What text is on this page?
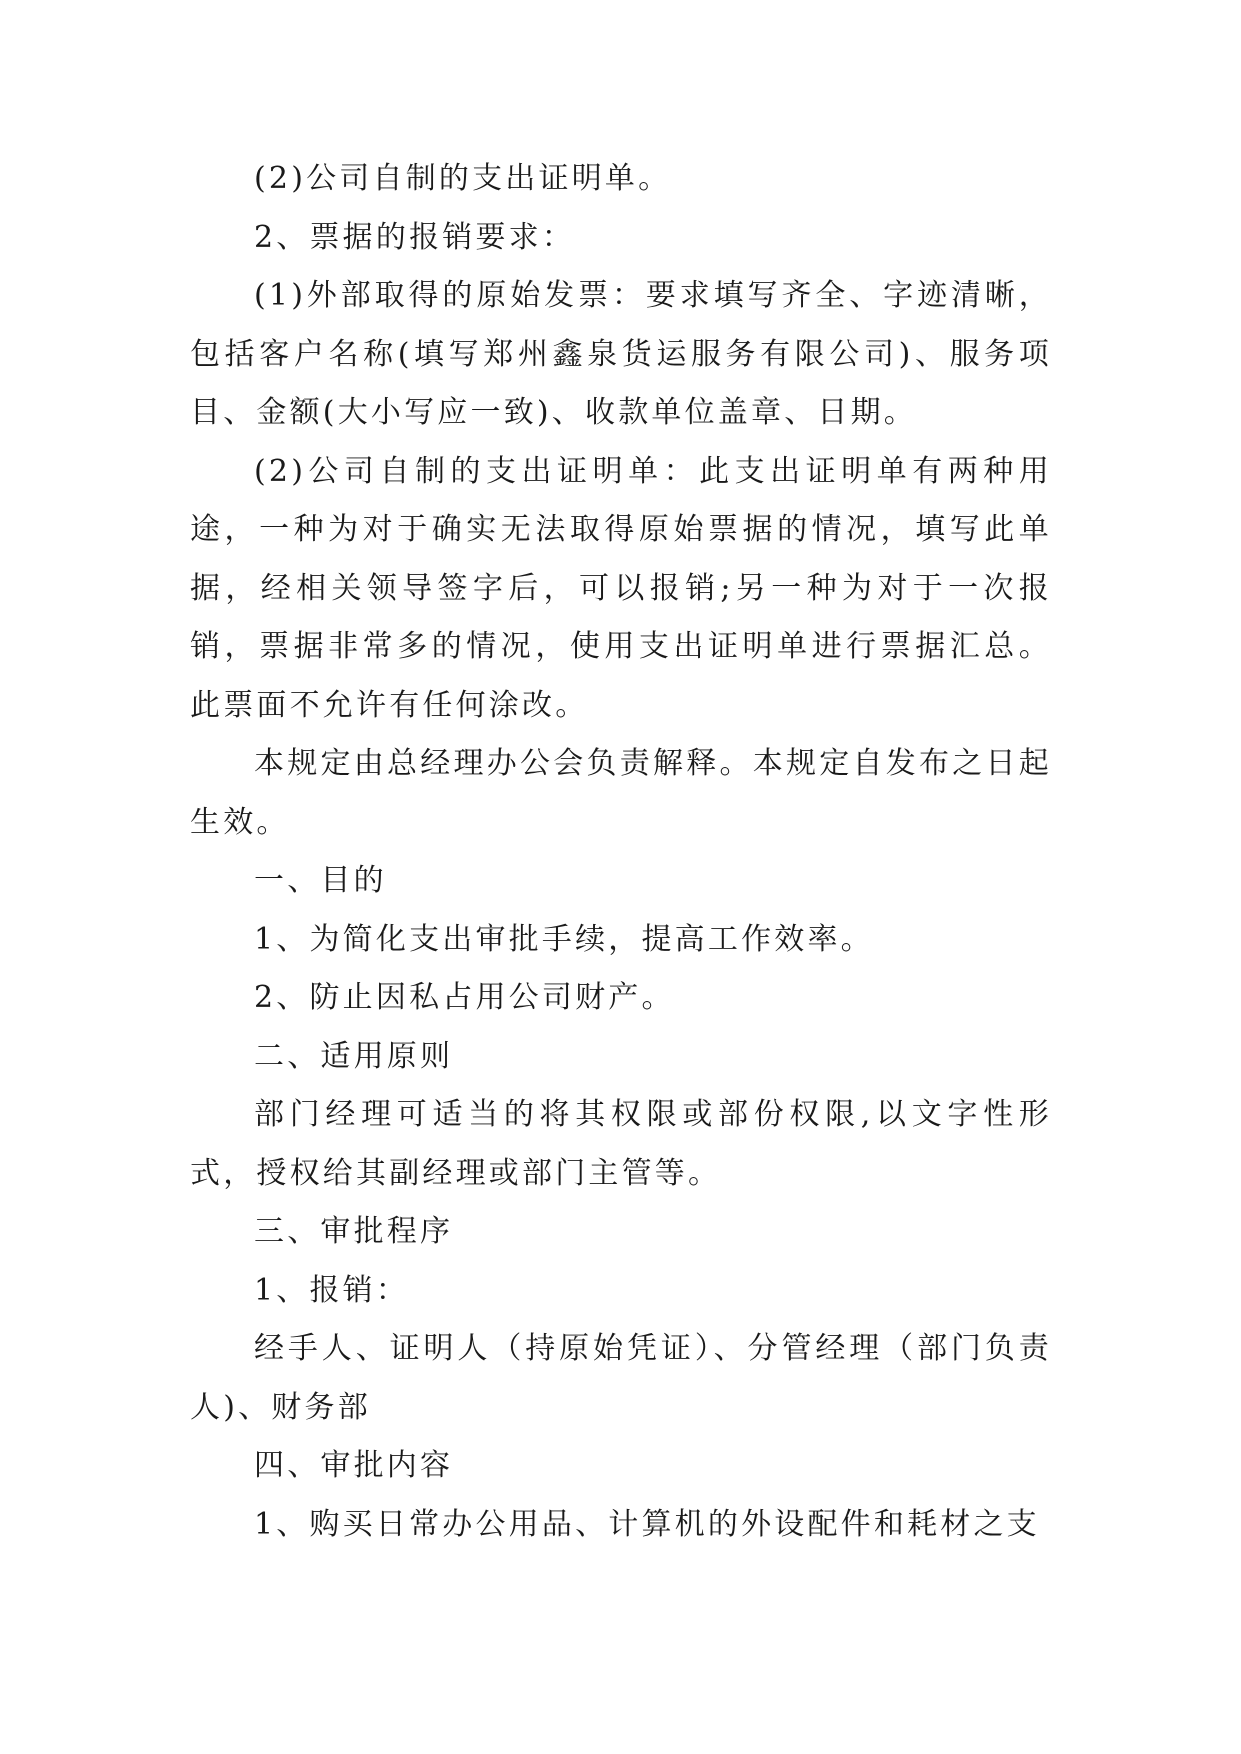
(2)公司自制的支出证明单。

2、票据的报销要求：

(1)外部取得的原始发票：要求填写齐全、字迹清晰，包括客户名称(填写郑州鑫泉货运服务有限公司)、服务项目、金额(大小写应一致)、收款单位盖章、日期。

(2)公司自制的支出证明单：此支出证明单有两种用途，一种为对于确实无法取得原始票据的情况，填写此单据，经相关领导签字后，可以报销;另一种为对于一次报销，票据非常多的情况，使用支出证明单进行票据汇总。此票面不允许有任何涂改。

本规定由总经理办公会负责解释。本规定自发布之日起生效。

一、目的

1、为简化支出审批手续，提高工作效率。

2、防止因私占用公司财产。

二、适用原则

部门经理可适当的将其权限或部份权限,以文字性形式，授权给其副经理或部门主管等。

三、审批程序

1、报销：

经手人、证明人（持原始凭证）、分管经理（部门负责人)、财务部

四、审批内容

1、购买日常办公用品、计算机的外设配件和耗材之支
